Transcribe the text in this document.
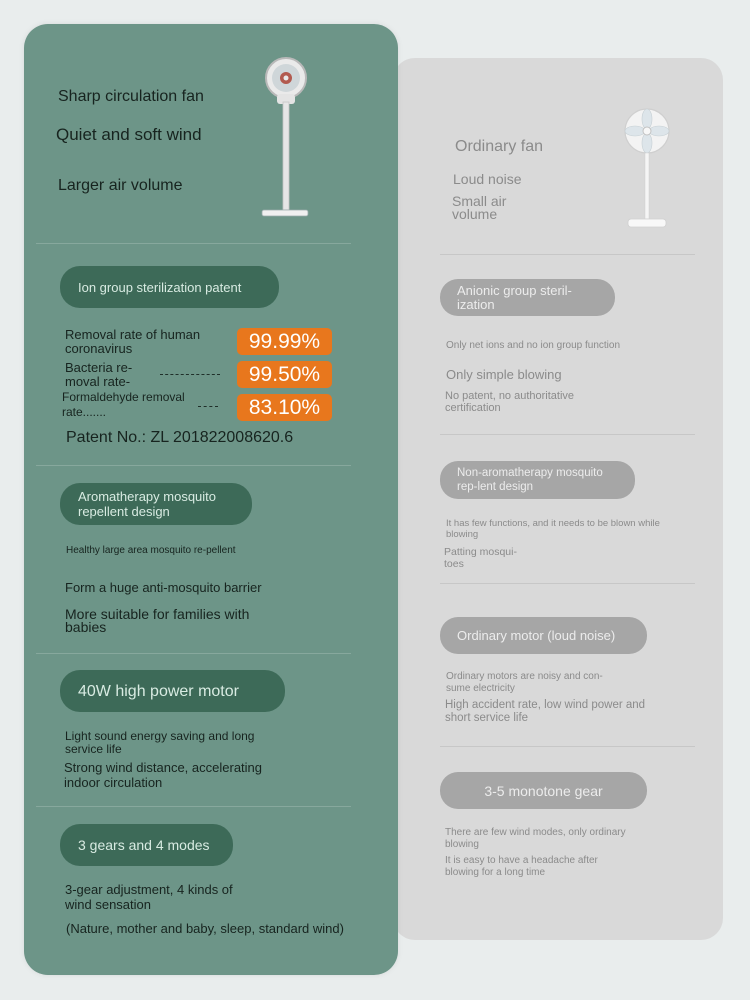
Sharp circulation fan
Quiet and soft wind
Larger air volume
Ion group sterilization patent
Removal rate of human coronavirus	99.99%
Bacteria re-moval rate-	99.50%
Formaldehyde removal rate.......	83.10%
Patent No.: ZL 201822008620.6
Aromatherapy mosquito repellent design
Healthy large area mosquito re-pellent
Form a huge anti-mosquito barrier
More suitable for families with babies
40W high power motor
Light sound energy saving and long service life
Strong wind distance, accelerating indoor circulation
3 gears and 4 modes
3-gear adjustment, 4 kinds of wind sensation
(Nature, mother and baby, sleep, standard wind)
Ordinary fan
Loud noise
Small air volume
Anionic group steril-ization
Only net ions and no ion group function
Only simple blowing
No patent, no authoritative certification
Non-aromatherapy mosquito rep-lent design
It has few functions, and it needs to be blown while blowing
Patting mosqui-toes
Ordinary motor (loud noise)
Ordinary motors are noisy and con-sume electricity
High accident rate, low wind power and short service life
3-5 monotone gear
There are few wind modes, only ordinary blowing
It is easy to have a headache after blowing for a long time
